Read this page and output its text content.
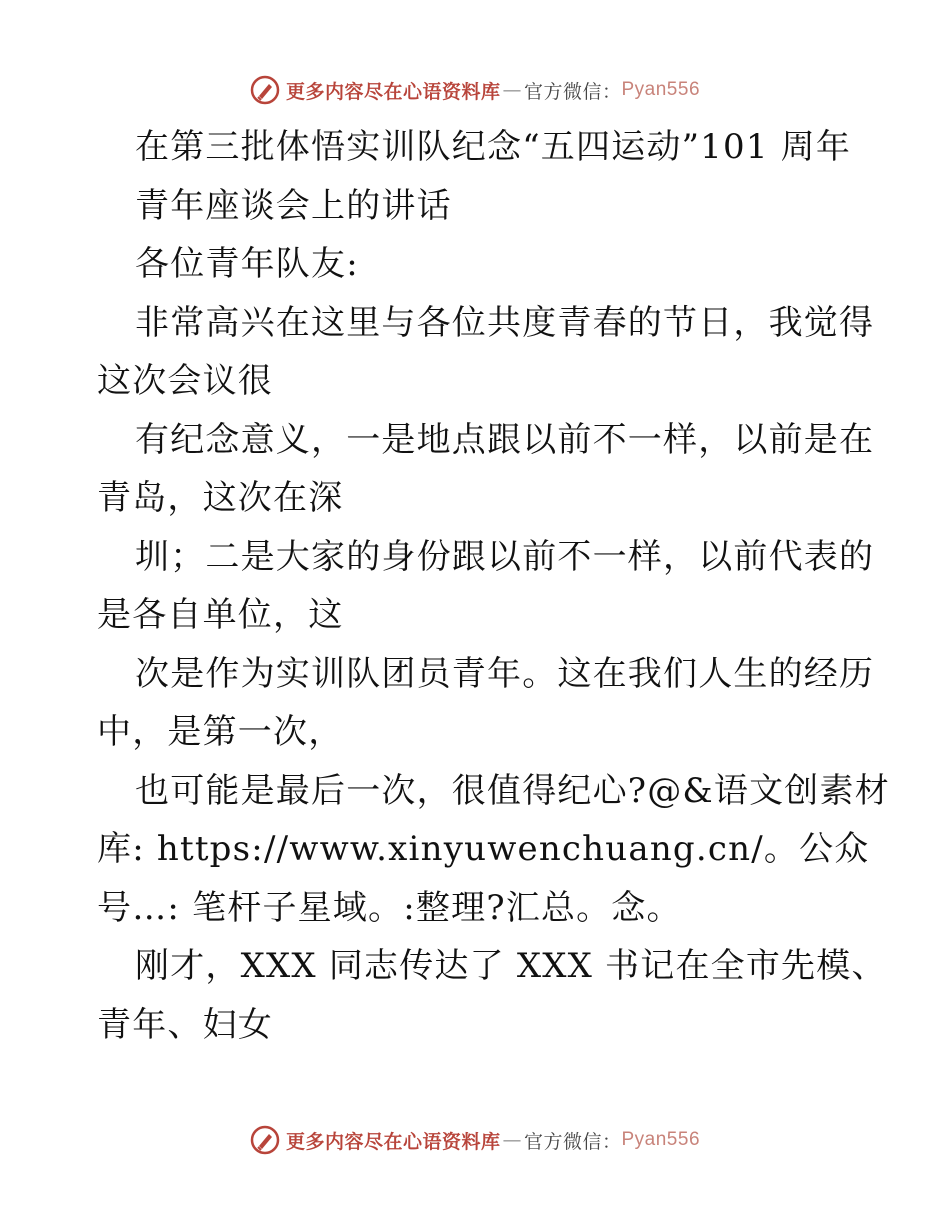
更多内容尽在心语资料库 — 官方微信： Pyan556
在第三批体悟实训队纪念“五四运动”101 周年
青年座谈会上的讲话
各位青年队友:
非常高兴在这里与各位共度青春的节日，我觉得
这次会议很
有纪念意义，一是地点跟以前不一样，以前是在
青岛，这次在深
圳；二是大家的身份跟以前不一样，以前代表的
是各自单位，这
次是作为实训队团员青年。这在我们人生的经历
中，是第一次，
也可能是最后一次，很值得纪心?@&语文创素材
库: https://www.xinyuwenchuang.cn/。公众
号…: 笔杆子星域。:整理?汇总。念。
刚才，XXX 同志传达了 XXX 书记在全市先模、
青年、妇女
更多内容尽在心语资料库 — 官方微信： Pyan556
